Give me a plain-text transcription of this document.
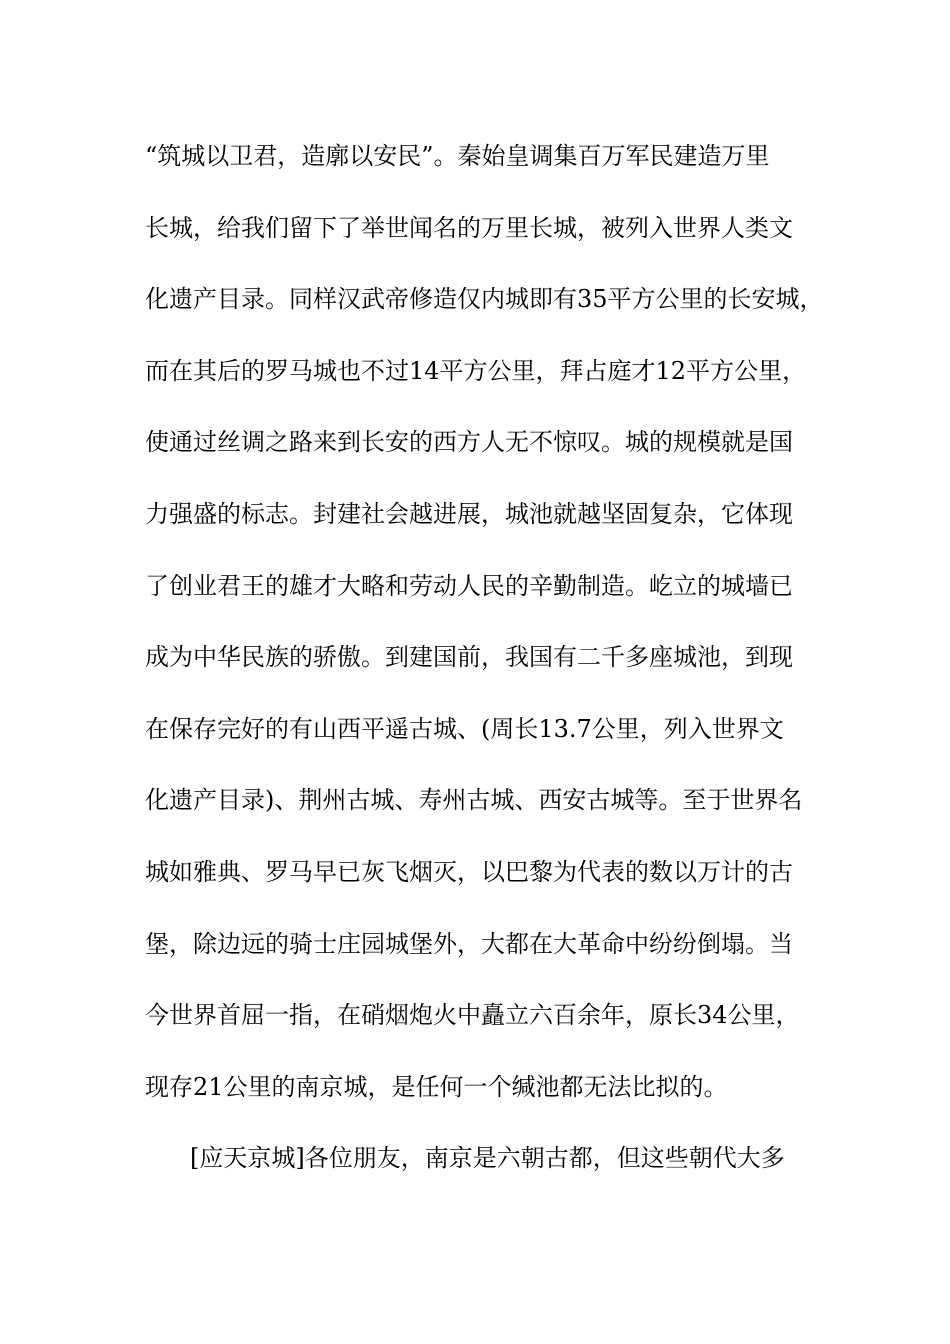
“筑城以卫君，造廓以安民”。秦始皇调集百万军民建造万里
长城，给我们留下了举世闻名的万里长城，被列入世界人类文
化遗产目录。同样汉武帝修造仅内城即有35平方公里的长安城，
而在其后的罗马城也不过14平方公里，拜占庭才12平方公里，
使通过丝调之路来到长安的西方人无不惊叹。城的规模就是国
力强盛的标志。封建社会越进展，城池就越坚固复杂，它体现
了创业君王的雄才大略和劳动人民的辛勤制造。屹立的城墙已
成为中华民族的骄傲。到建国前，我国有二千多座城池，到现
在保存完好的有山西平遥古城、(周长13.7公里，列入世界文
化遗产目录)、荆州古城、寿州古城、西安古城等。至于世界名
城如雅典、罗马早已灰飞烟灭，以巴黎为代表的数以万计的古
堡，除边远的骑士庄园城堡外，大都在大革命中纷纷倒塌。当
今世界首屈一指，在硝烟炮火中矗立六百余年，原长34公里，
现存21公里的南京城，是任何一个缄池都无法比拟的。
[应天京城]各位朋友，南京是六朝古都，但这些朝代大多
